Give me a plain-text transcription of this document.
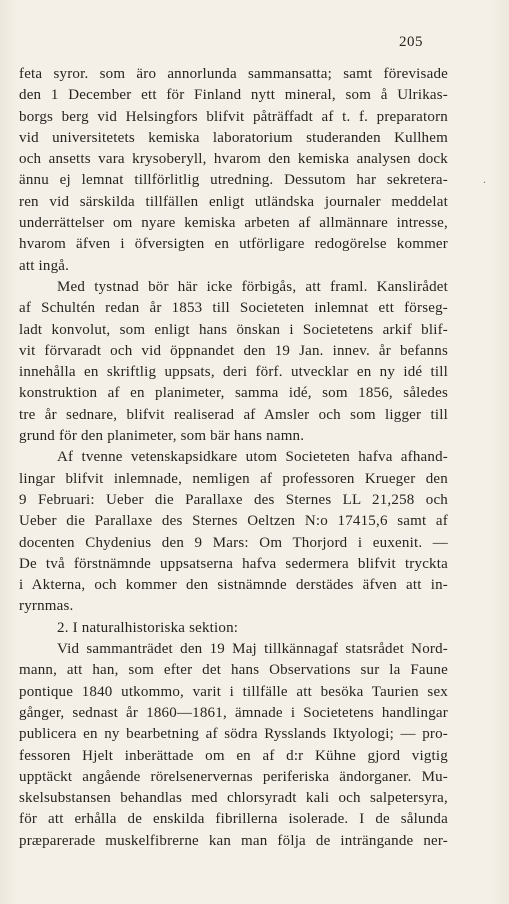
205
.
feta syror. som äro annorlunda sammansatta; samt förevisade
den 1 December ett för Finland nytt mineral, som å Ulrikas-
borgs berg vid Helsingfors blifvit påträffadt af t. f. preparatorn
vid universitetets kemiska laboratorium studeranden Kullhem
och ansetts vara krysoberyll, hvarom den kemiska analysen dock
ännu ej lemnat tillförlitlig utredning. Dessutom har sekretera-
ren vid särskilda tillfällen enligt utländska journaler meddelat
underrättelser om nyare kemiska arbeten af allmännare intresse,
hvarom äfven i öfversigten en utförligare redogörelse kommer
att ingå.
Med tystnad bör här icke förbigås, att framl. Kanslirådet
af Schultén redan år 1853 till Societeten inlemnat ett förseg-
ladt konvolut, som enligt hans önskan i Societetens arkif blif-
vit förvaradt och vid öppnandet den 19 Jan. innev. år befanns
innehålla en skriftlig uppsats, deri förf. utvecklar en ny idé till
konstruktion af en planimeter, samma idé, som 1856, således
tre år sednare, blifvit realiserad af Amsler och som ligger till
grund för den planimeter, som bär hans namn.
Af tvenne vetenskapsidkare utom Societeten hafva afhand-
lingar blifvit inlemnade, nemligen af professoren Krueger den
9 Februari: Ueber die Parallaxe des Sternes LL 21,258 och
Ueber die Parallaxe des Sternes Oeltzen N:o 17415,6 samt af
docenten Chydenius den 9 Mars: Om Thorjord i euxenit. —
De två förstnämnde uppsatserna hafva sedermera blifvit tryckta
i Akterna, och kommer den sistnämnde derstädes äfven att in-
ryrnmas.
2. I naturalhistoriska sektion:
Vid sammanträdet den 19 Maj tillkännagaf statsrådet Nord-
mann, att han, som efter det hans Observations sur la Faune
pontique 1840 utkommo, varit i tillfälle att besöka Taurien sex
gånger, sednast år 1860—1861, ämnade i Societetens handlingar
publicera en ny bearbetning af södra Rysslands Iktyologi; — pro-
fessoren Hjelt inberättade om en af d:r Kühne gjord vigtig
upptäckt angående rörelsenervernas periferiska ändorganer. Mu-
skelsubstansen behandlas med chlorsyradt kali och salpetersyra,
för att erhålla de enskilda fibrillerna isolerade. I de sålunda
præparerade muskelfibrerne kan man följa de inträngande ner-
